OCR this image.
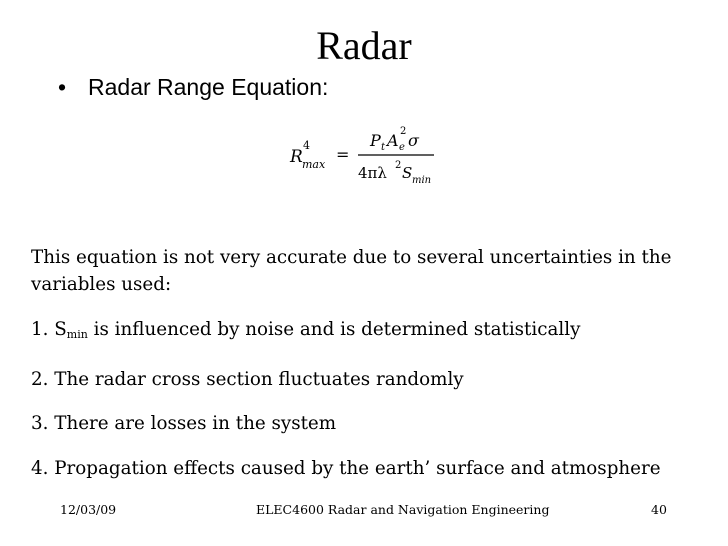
Radar
• Radar Range Equation:
R
4
max
=
P t A e
2 σ
4πλ 2 S min
This equation is not very accurate due to several uncertainties in the
variables used:
1. $S_{min}$ is influenced by noise and is determined statistically
2. The radar cross section fluctuates randomly
3. There are losses in the system
4. Propagation effects caused by the earth’ surface and atmosphere
12/03/09	ELEC4600 Radar and Navigation Engineering	40
